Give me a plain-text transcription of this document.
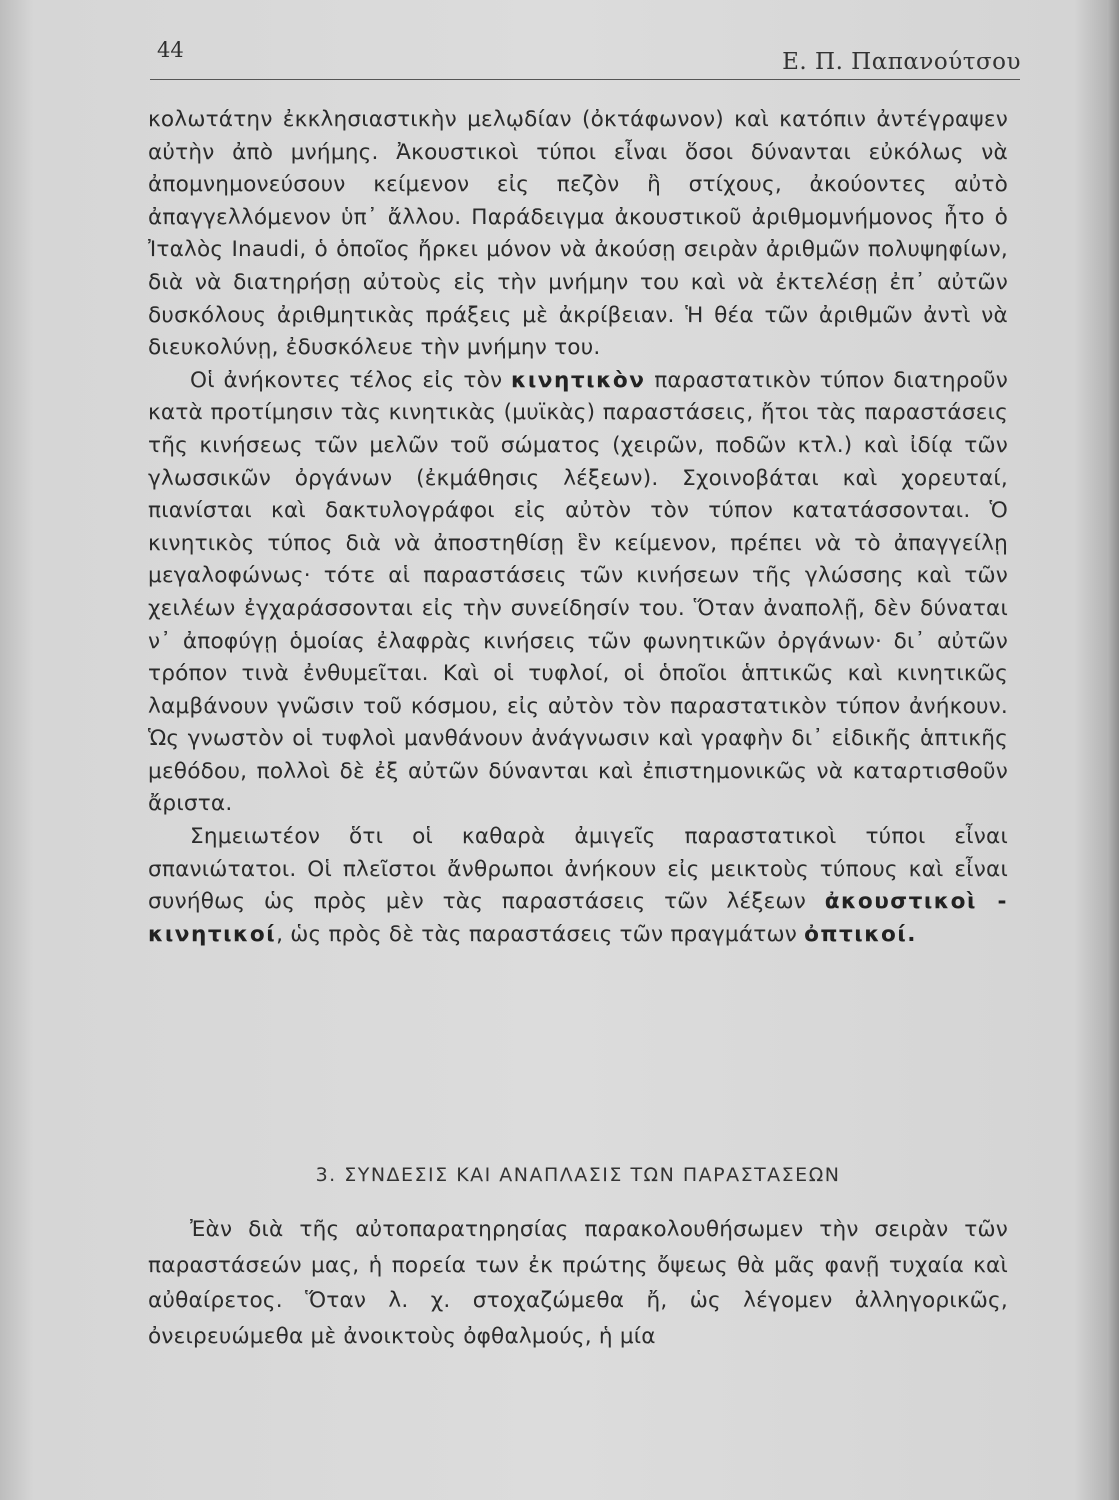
44	Ε. Π. Παπανούτσου

κολωτάτην ἐκκλησιαστικὴν μελῳδίαν (ὀκτάφωνον) καὶ κατόπιν ἀντέγραψεν αὐτὴν ἀπὸ μνήμης. Ἀκουστικοὶ τύποι εἶναι ὅσοι δύνανται εὐκόλως νὰ ἀπομνημονεύσουν κείμενον εἰς πεζὸν ἢ στίχους, ἀκούοντες αὐτὸ ἀπαγγελλόμενον ὑπ᾽ ἄλλου. Παράδειγμα ἀκουστικοῦ ἀριθμομνήμονος ἦτο ὁ Ἰταλὸς Inaudi, ὁ ὁποῖος ἤρκει μόνον νὰ ἀκούσῃ σειρὰν ἀριθμῶν πολυψηφίων, διὰ νὰ διατηρήσῃ αὐτοὺς εἰς τὴν μνήμην του καὶ νὰ ἐκτελέσῃ ἐπ᾽ αὐτῶν δυσκόλους ἀριθμητικὰς πράξεις μὲ ἀκρίβειαν. Ἡ θέα τῶν ἀριθμῶν ἀντὶ νὰ διευκολύνῃ, ἐδυσκόλευε τὴν μνήμην του.

Οἱ ἀνήκοντες τέλος εἰς τὸν κινητικὸν παραστατικὸν τύπον διατηροῦν κατὰ προτίμησιν τὰς κινητικὰς (μυϊκὰς) παραστάσεις, ἤτοι τὰς παραστάσεις τῆς κινήσεως τῶν μελῶν τοῦ σώματος (χειρῶν, ποδῶν κτλ.) καὶ ἰδίᾳ τῶν γλωσσικῶν ὀργάνων (ἐκμάθησις λέξεων). Σχοινοβάται καὶ χορευταί, πιανίσται καὶ δακτυλογράφοι εἰς αὐτὸν τὸν τύπον κατατάσσονται. Ὁ κινητικὸς τύπος διὰ νὰ ἀποστηθίσῃ ἓν κείμενον, πρέπει νὰ τὸ ἀπαγγείλῃ μεγαλοφώνως· τότε αἱ παραστάσεις τῶν κινήσεων τῆς γλώσσης καὶ τῶν χειλέων ἐγχαράσσονται εἰς τὴν συνείδησίν του. Ὅταν ἀναπολῇ, δὲν δύναται ν᾽ ἀποφύγῃ ὁμοίας ἐλαφρὰς κινήσεις τῶν φωνητικῶν ὀργάνων· δι᾽ αὐτῶν τρόπον τινὰ ἐνθυμεῖται. Καὶ οἱ τυφλοί, οἱ ὁποῖοι ἁπτικῶς καὶ κινητικῶς λαμβάνουν γνῶσιν τοῦ κόσμου, εἰς αὐτὸν τὸν παραστατικὸν τύπον ἀνήκουν. Ὡς γνωστὸν οἱ τυφλοὶ μανθάνουν ἀνάγνωσιν καὶ γραφὴν δι᾽ εἰδικῆς ἁπτικῆς μεθόδου, πολλοὶ δὲ ἐξ αὐτῶν δύνανται καὶ ἐπιστημονικῶς νὰ καταρτισθοῦν ἄριστα.

Σημειωτέον ὅτι οἱ καθαρὰ ἀμιγεῖς παραστατικοὶ τύποι εἶναι σπανιώτατοι. Οἱ πλεῖστοι ἄνθρωποι ἀνήκουν εἰς μεικτοὺς τύπους καὶ εἶναι συνήθως ὡς πρὸς μὲν τὰς παραστάσεις τῶν λέξεων ἀκουστικοὶ - κινητικοί, ὡς πρὸς δὲ τὰς παραστάσεις τῶν πραγμάτων ὀπτικοί.

3. ΣΥΝΔΕΣΙΣ ΚΑΙ ΑΝΑΠΛΑΣΙΣ ΤΩΝ ΠΑΡΑΣΤΑΣΕΩΝ

Ἐὰν διὰ τῆς αὐτοπαρατηρησίας παρακολουθήσωμεν τὴν σειρὰν τῶν παραστάσεών μας, ἡ πορεία των ἐκ πρώτης ὄψεως θὰ μᾶς φανῇ τυχαία καὶ αὐθαίρετος. Ὅταν λ. χ. στοχαζώμεθα ἤ, ὡς λέγομεν ἀλληγορικῶς, ὀνειρευώμεθα μὲ ἀνοικτοὺς ὀφθαλμούς, ἡ μία
